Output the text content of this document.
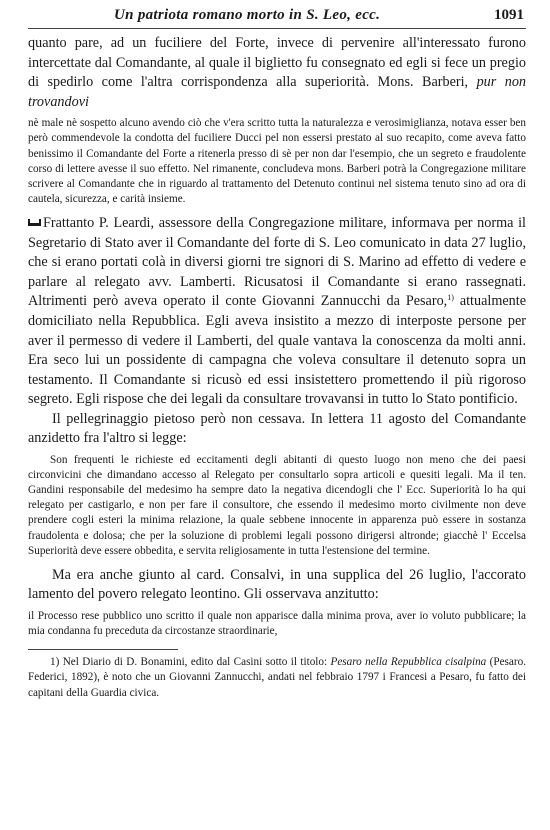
Un patriota romano morto in S. Leo, ecc.	1091

quanto pare, ad un fuciliere del Forte, invece di pervenire all'interessato furono intercettate dal Comandante, al quale il biglietto fu consegnato ed egli si fece un pregio di spedirlo come l'altra corrispondenza alla superiorità. Mons. Barberi, pur non trovandovi

nè male nè sospetto alcuno avendo ciò che v'era scritto tutta la naturalezza e verosimiglianza, notava esser ben però commendevole la condotta del fuciliere Ducci pel non essersi prestato al suo recapito, come aveva fatto benissimo il Comandante del Forte a ritenerla presso di sè per non dar l'esempio, che un segreto e fraudolente corso di lettere avesse il suo effetto. Nel rimanente, concludeva mons. Barberi potrà la Congregazione militare scrivere al Comandante che in riguardo al trattamento del Detenuto continui nel sistema tenuto sino ad ora di cautela, sicurezza, e carità insieme.

Frattanto P. Leardi, assessore della Congregazione militare, informava per norma il Segretario di Stato aver il Comandante del forte di S. Leo comunicato in data 27 luglio, che si erano portati colà in diversi giorni tre signori di S. Marino ad effetto di vedere e parlare al relegato avv. Lamberti. Ricusatosi il Comandante si erano rassegnati. Altrimenti però aveva operato il conte Giovanni Zannucchi da Pesaro,$^{1)}$ attualmente domiciliato nella Repubblica. Egli aveva insistito a mezzo di interposte persone per aver il permesso di vedere il Lamberti, del quale vantava la conoscenza da molti anni. Era seco lui un possidente di campagna che voleva consultare il detenuto sopra un testamento. Il Comandante si ricusò ed essi insistettero promettendo il più rigoroso segreto. Egli rispose che dei legali da consultare trovavansi in tutto lo Stato pontificio.

Il pellegrinaggio pietoso però non cessava. In lettera 11 agosto del Comandante anzidetto fra l'altro si legge:

Son frequenti le richieste ed eccitamenti degli abitanti di questo luogo non meno che dei paesi circonvicini che dimandano accesso al Relegato per consultarlo sopra articoli e quesiti legali. Ma il ten. Gandini responsabile del medesimo ha sempre dato la negativa dicendogli che l' Ecc. Superiorità lo ha qui relegato per castigarlo, e non per fare il consultore, che essendo il medesimo morto civilmente non deve prendere cogli esteri la minima relazione, la quale sebbene innocente in apparenza può essere in sostanza fraudolenta e dolosa; che per la soluzione di problemi legali possono dirigersi altronde; giacchè l' Eccelsa Superiorità deve essere obbedita, e servita religiosamente in tutta l'estensione del termine.

Ma era anche giunto al card. Consalvi, in una supplica del 26 luglio, l'accorato lamento del povero relegato leontino. Gli osservava anzitutto:

il Processo rese pubblico uno scritto il quale non apparisce dalla minima prova, aver io voluto pubblicare; la mia condanna fu preceduta da circostanze straordinarie,

1) Nel Diario di D. Bonamini, edito dal Casini sotto il titolo: Pesaro nella Repubblica cisalpina (Pesaro. Federici, 1892), è noto che un Giovanni Zannucchi, andati nel febbraio 1797 i Francesi a Pesaro, fu fatto dei capitani della Guardia civica.
